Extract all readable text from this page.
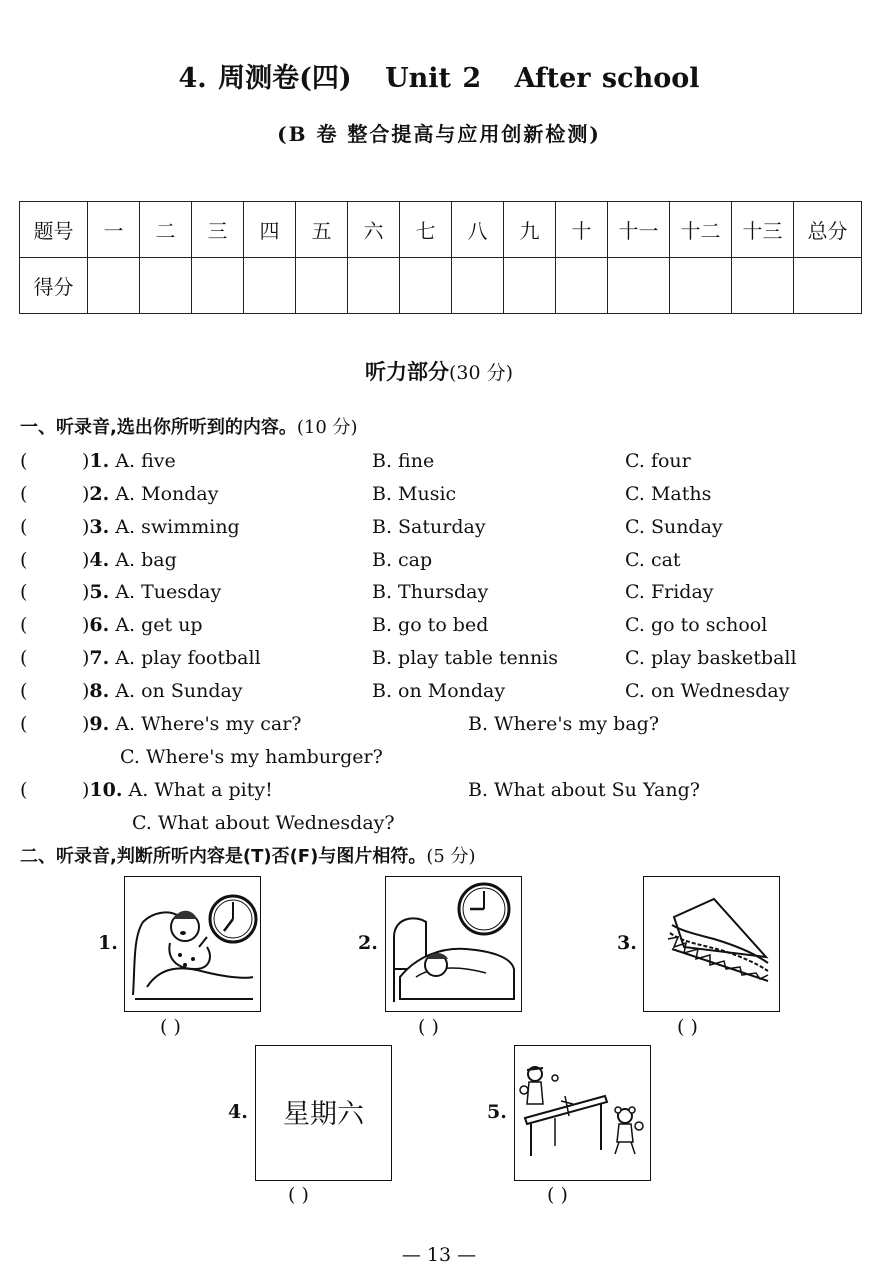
4. 周测卷(四) Unit 2 After school
(B 卷 整合提高与应用创新检测)
题号	一	二	三	四	五	六	七	八	九	十	十一	十二	十三	总分
得分														
听力部分(30 分)
一、听录音,选出你所听到的内容。(10 分)
(	)1. A. five	B. fine	C. four
(	)2. A. Monday	B. Music	C. Maths
(	)3. A. swimming	B. Saturday	C. Sunday
(	)4. A. bag	B. cap	C. cat
(	)5. A. Tuesday	B. Thursday	C. Friday
(	)6. A. get up	B. go to bed	C. go to school
(	)7. A. play football	B. play table tennis	C. play basketball
(	)8. A. on Sunday	B. on Monday	C. on Wednesday
(	)9. A. Where's my car?	B. Where's my bag?
C. Where's my hamburger?
(	)10. A. What a pity!	B. What about Su Yang?
C. What about Wednesday?
二、听录音,判断所听内容是(T)否(F)与图片相符。(5 分)
1.
( )
2.
( )
3.
( )
4.	星期六
( )
5.
( )
— 13 —
